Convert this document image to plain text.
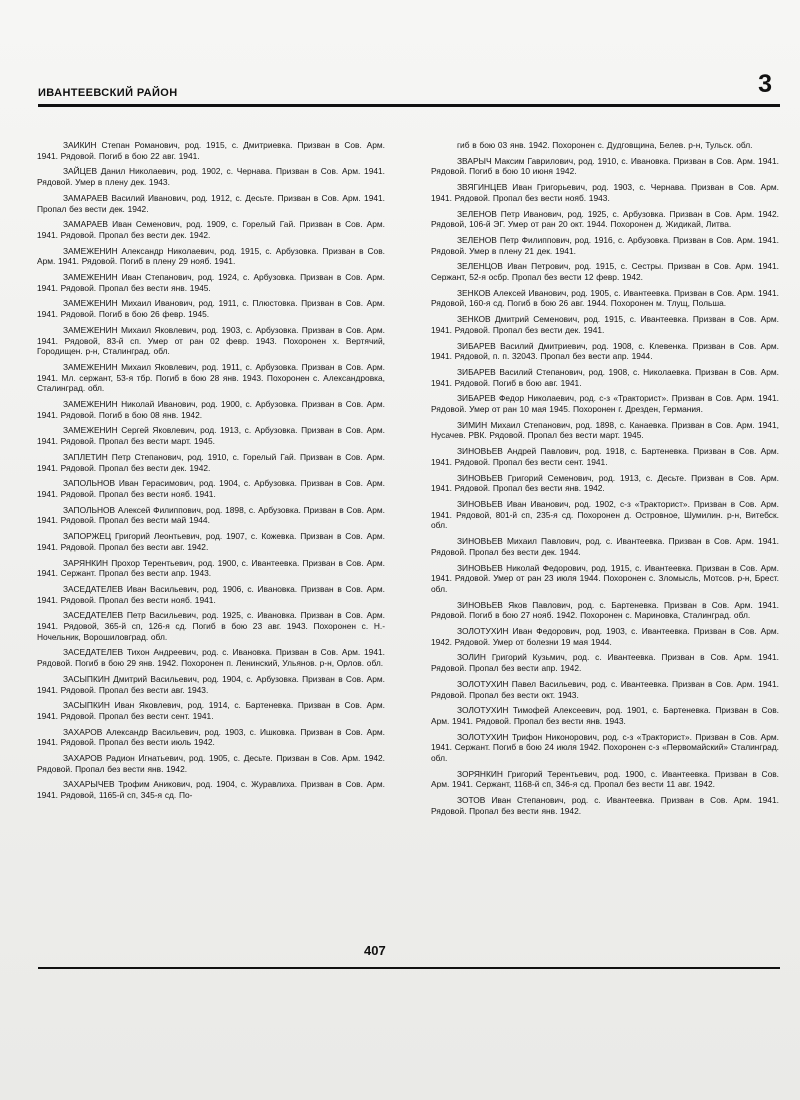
ИВАНТЕЕВСКИЙ РАЙОН	3

ЗАИКИН Степан Романович, род. 1915, с. Дмитриевка. Призван в Сов. Арм. 1941. Рядовой. Погиб в бою 22 авг. 1941.

ЗАЙЦЕВ Данил Николаевич, род. 1902, с. Чернава. Призван в Сов. Арм. 1941. Рядовой. Умер в плену дек. 1943.

ЗАМАРАЕВ Василий Иванович, род. 1912, с. Десьте. Призван в Сов. Арм. 1941. Пропал без вести дек. 1942.

ЗАМАРАЕВ Иван Семенович, род. 1909, с. Горелый Гай. Призван в Сов. Арм. 1941. Рядовой. Пропал без вести дек. 1942.

ЗАМЕЖЕНИН Александр Николаевич, род. 1915, с. Арбузовка. Призван в Сов. Арм. 1941. Рядовой. Погиб в плену 29 нояб. 1941.

ЗАМЕЖЕНИН Иван Степанович, род. 1924, с. Арбузовка. Призван в Сов. Арм. 1941. Рядовой. Пропал без вести янв. 1945.

ЗАМЕЖЕНИН Михаил Иванович, род. 1911, с. Плюстовка. Призван в Сов. Арм. 1941. Рядовой. Погиб в бою 26 февр. 1945.

ЗАМЕЖЕНИН Михаил Яковлевич, род. 1903, с. Арбузовка. Призван в Сов. Арм. 1941. Рядовой, 83-й сп. Умер от ран 02 февр. 1943. Похоронен х. Вертячий, Городищен. р-н, Сталинград. обл.

ЗАМЕЖЕНИН Михаил Яковлевич, род. 1911, с. Арбузовка. Призван в Сов. Арм. 1941. Мл. сержант, 53-я тбр. Погиб в бою 28 янв. 1943. Похоронен с. Александровка, Сталинград. обл.

ЗАМЕЖЕНИН Николай Иванович, род. 1900, с. Арбузовка. Призван в Сов. Арм. 1941. Рядовой. Погиб в бою 08 янв. 1942.

ЗАМЕЖЕНИН Сергей Яковлевич, род. 1913, с. Арбузовка. Призван в Сов. Арм. 1941. Рядовой. Пропал без вести март. 1945.

ЗАПЛЕТИН Петр Степанович, род. 1910, с. Горелый Гай. Призван в Сов. Арм. 1941. Рядовой. Пропал без вести дек. 1942.

ЗАПОЛЬНОВ Иван Герасимович, род. 1904, с. Арбузовка. Призван в Сов. Арм. 1941. Рядовой. Пропал без вести нояб. 1941.

ЗАПОЛЬНОВ Алексей Филиппович, род. 1898, с. Арбузовка. Призван в Сов. Арм. 1941. Рядовой. Пропал без вести май 1944.

ЗАПОРЖЕЦ Григорий Леонтьевич, род. 1907, с. Кожевка. Призван в Сов. Арм. 1941. Рядовой. Пропал без вести авг. 1942.

ЗАРЯНКИН Прохор Терентьевич, род. 1900, с. Ивантеевка. Призван в Сов. Арм. 1941. Сержант. Пропал без вести апр. 1943.

ЗАСЕДАТЕЛЕВ Иван Васильевич, род. 1906, с. Ивановка. Призван в Сов. Арм. 1941. Рядовой. Пропал без вести нояб. 1941.

ЗАСЕДАТЕЛЕВ Петр Васильевич, род. 1925, с. Ивановка. Призван в Сов. Арм. 1941. Рядовой, 365-й сп, 126-я сд. Погиб в бою 23 авг. 1943. Похоронен с. Н.-Ночельник, Ворошиловград. обл.

ЗАСЕДАТЕЛЕВ Тихон Андреевич, род. с. Ивановка. Призван в Сов. Арм. 1941. Рядовой. Погиб в бою 29 янв. 1942. Похоронен п. Ленинский, Ульянов. р-н, Орлов. обл.

ЗАСЫПКИН Дмитрий Васильевич, род. 1904, с. Арбузовка. Призван в Сов. Арм. 1941. Рядовой. Пропал без вести авг. 1943.

ЗАСЫПКИН Иван Яковлевич, род. 1914, с. Бартеневка. Призван в Сов. Арм. 1941. Рядовой. Пропал без вести сент. 1941.

ЗАХАРОВ Александр Васильевич, род. 1903, с. Ишковка. Призван в Сов. Арм. 1941. Рядовой. Пропал без вести июль 1942.

ЗАХАРОВ Радион Игнатьевич, род. 1905, с. Десьте. Призван в Сов. Арм. 1942. Рядовой. Пропал без вести янв. 1942.

ЗАХАРЫЧЕВ Трофим Аникович, род. 1904, с. Журавлиха. Призван в Сов. Арм. 1941. Рядовой, 1165-й сп, 345-я сд. По-

гиб в бою 03 янв. 1942. Похоронен с. Дудговщина, Белев. р-н, Тульск. обл.

ЗВАРЫЧ Максим Гаврилович, род. 1910, с. Ивановка. Призван в Сов. Арм. 1941. Рядовой. Погиб в бою 10 июня 1942.

ЗВЯГИНЦЕВ Иван Григорьевич, род. 1903, с. Чернава. Призван в Сов. Арм. 1941. Рядовой. Пропал без вести нояб. 1943.

ЗЕЛЕНОВ Петр Иванович, род. 1925, с. Арбузовка. Призван в Сов. Арм. 1942. Рядовой, 106-й ЭГ. Умер от ран 20 окт. 1944. Похоронен д. Жидикай, Литва.

ЗЕЛЕНОВ Петр Филиппович, род. 1916, с. Арбузовка. Призван в Сов. Арм. 1941. Рядовой. Умер в плену 21 дек. 1941.

ЗЕЛЕНЦОВ Иван Петрович, род. 1915, с. Сестры. Призван в Сов. Арм. 1941. Сержант, 52-я осбр. Пропал без вести 12 февр. 1942.

ЗЕНКОВ Алексей Иванович, род. 1905, с. Ивантеевка. Призван в Сов. Арм. 1941. Рядовой, 160-я сд. Погиб в бою 26 авг. 1944. Похоронен м. Тлущ, Польша.

ЗЕНКОВ Дмитрий Семенович, род. 1915, с. Ивантеевка. Призван в Сов. Арм. 1941. Рядовой. Пропал без вести дек. 1941.

ЗИБАРЕВ Василий Дмитриевич, род. 1908, с. Клевенка. Призван в Сов. Арм. 1941. Рядовой, п. п. 32043. Пропал без вести апр. 1944.

ЗИБАРЕВ Василий Степанович, род. 1908, с. Николаевка. Призван в Сов. Арм. 1941. Рядовой. Погиб в бою авг. 1941.

ЗИБАРЕВ Федор Николаевич, род. с-з «Тракторист». Призван в Сов. Арм. 1941. Рядовой. Умер от ран 10 мая 1945. Похоронен г. Дрезден, Германия.

ЗИМИН Михаил Степанович, род. 1898, с. Канаевка. Призван в Сов. Арм. 1941, Нусачев. РВК. Рядовой. Пропал без вести март. 1945.

ЗИНОВЬЕВ Андрей Павлович, род. 1918, с. Бартеневка. Призван в Сов. Арм. 1941. Рядовой. Пропал без вести сент. 1941.

ЗИНОВЬЕВ Григорий Семенович, род. 1913, с. Десьте. Призван в Сов. Арм. 1941. Рядовой. Пропал без вести янв. 1942.

ЗИНОВЬЕВ Иван Иванович, род. 1902, с-з «Тракторист». Призван в Сов. Арм. 1941. Рядовой, 801-й сп, 235-я сд. Похоронен д. Островное, Шумилин. р-н, Витебск. обл.

ЗИНОВЬЕВ Михаил Павлович, род. с. Ивантеевка. Призван в Сов. Арм. 1941. Рядовой. Пропал без вести дек. 1944.

ЗИНОВЬЕВ Николай Федорович, род. 1915, с. Ивантеевка. Призван в Сов. Арм. 1941. Рядовой. Умер от ран 23 июля 1944. Похоронен с. Зломысль, Мотсов. р-н, Брест. обл.

ЗИНОВЬЕВ Яков Павлович, род. с. Бартеневка. Призван в Сов. Арм. 1941. Рядовой. Погиб в бою 27 нояб. 1942. Похоронен с. Мариновка, Сталинград. обл.

ЗОЛОТУХИН Иван Федорович, род. 1903, с. Ивантеевка. Призван в Сов. Арм. 1942. Рядовой. Умер от болезни 19 мая 1944.

ЗОЛИН Григорий Кузьмич, род. с. Ивантеевка. Призван в Сов. Арм. 1941. Рядовой. Пропал без вести апр. 1942.

ЗОЛОТУХИН Павел Васильевич, род. с. Ивантеевка. Призван в Сов. Арм. 1941. Рядовой. Пропал без вести окт. 1943.

ЗОЛОТУХИН Тимофей Алексеевич, род. 1901, с. Бартеневка. Призван в Сов. Арм. 1941. Рядовой. Пропал без вести янв. 1943.

ЗОЛОТУХИН Трифон Никонорович, род. с-з «Тракторист». Призван в Сов. Арм. 1941. Сержант. Погиб в бою 24 июля 1942. Похоронен с-з «Первомайский» Сталинград. обл.

ЗОРЯНКИН Григорий Терентьевич, род. 1900, с. Ивантеевка. Призван в Сов. Арм. 1941. Сержант, 1168-й сп, 346-я сд. Пропал без вести 11 авг. 1942.

ЗОТОВ Иван Степанович, род. с. Ивантеевка. Призван в Сов. Арм. 1941. Рядовой. Пропал без вести янв. 1942.

407
